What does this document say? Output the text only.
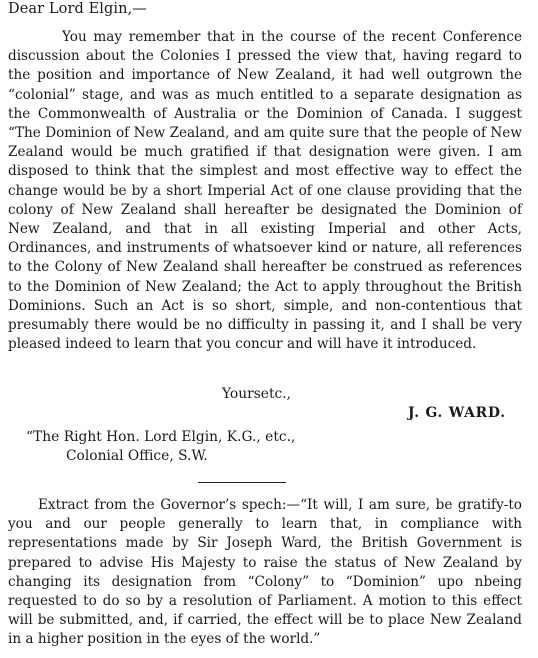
Dear Lord Elgin,—

You may remember that in the course of the recent Conference discussion about the Colonies I pressed the view that, having regard to the position and importance of New Zealand, it had well outgrown the “colonial” stage, and was as much entitled to a separate designation as the Commonwealth of Australia or the Dominion of Canada. I suggest “The Dominion of New Zealand, and am quite sure that the people of New Zealand would be much gratified if that designation were given. I am disposed to think that the simplest and most effective way to effect the change would be by a short Imperial Act of one clause providing that the colony of New Zealand shall hereafter be designated the Dominion of New Zealand, and that in all existing Imperial and other Acts, Ordinances, and instruments of whatsoever kind or nature, all references to the Colony of New Zealand shall hereafter be construed as references to the Dominion of New Zealand; the Act to apply throughout the British Dominions. Such an Act is so short, simple, and non-contentious that presumably there would be no difficulty in passing it, and I shall be very pleased indeed to learn that you concur and will have it introduced.

Yoursetc.,
J. G. WARD.
“The Right Hon. Lord Elgin, K.G., etc.,
Colonial Office, S.W.

Extract from the Governor’s spech:—“It will, I am sure, be gratify-to you and our people generally to learn that, in compliance with representations made by Sir Joseph Ward, the British Government is prepared to advise His Majesty to raise the status of New Zealand by changing its designation from “Colony” to “Dominion” upo nbeing requested to do so by a resolution of Parliament. A motion to this effect will be submitted, and, if carried, the effect will be to place New Zealand in a higher position in the eyes of the world.”
